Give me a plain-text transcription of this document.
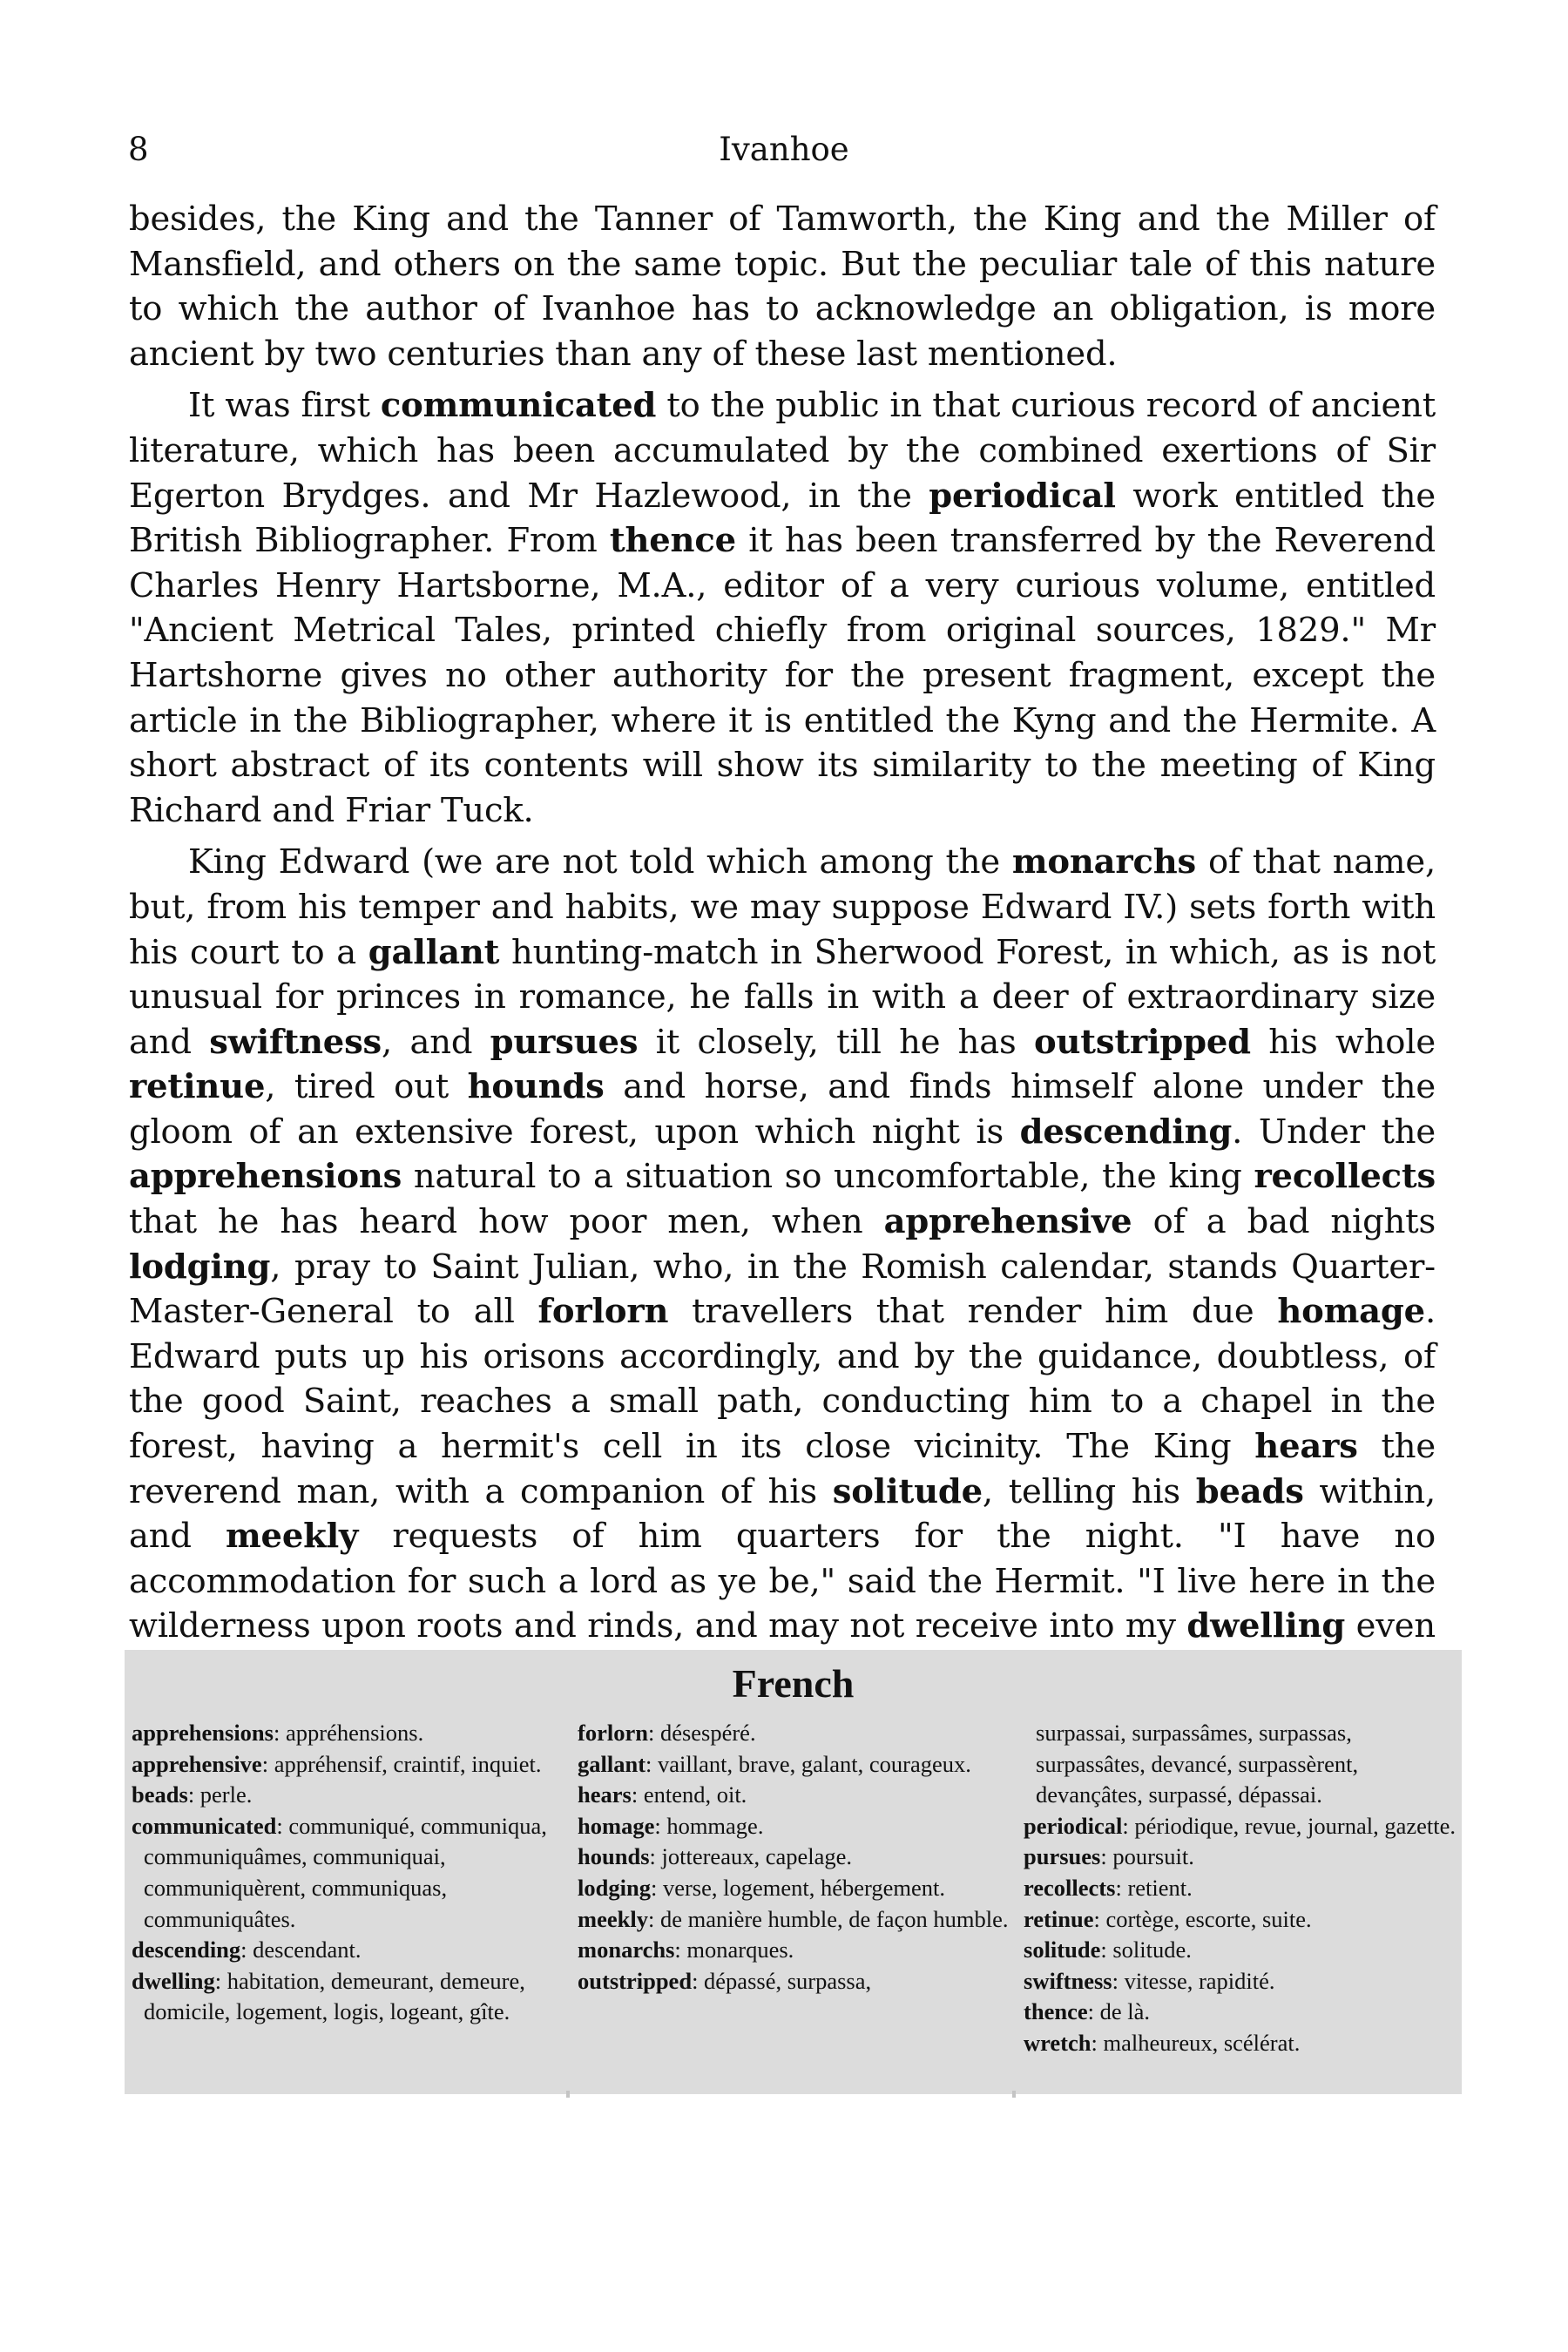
8	Ivanhoe

besides, the King and the Tanner of Tamworth, the King and the Miller of Mansfield, and others on the same topic. But the peculiar tale of this nature to which the author of Ivanhoe has to acknowledge an obligation, is more ancient by two centuries than any of these last mentioned.

It was first communicated to the public in that curious record of ancient literature, which has been accumulated by the combined exertions of Sir Egerton Brydges. and Mr Hazlewood, in the periodical work entitled the British Bibliographer. From thence it has been transferred by the Reverend Charles Henry Hartsborne, M.A., editor of a very curious volume, entitled "Ancient Metrical Tales, printed chiefly from original sources, 1829." Mr Hartshorne gives no other authority for the present fragment, except the article in the Bibliographer, where it is entitled the Kyng and the Hermite. A short abstract of its contents will show its similarity to the meeting of King Richard and Friar Tuck.

King Edward (we are not told which among the monarchs of that name, but, from his temper and habits, we may suppose Edward IV.) sets forth with his court to a gallant hunting-match in Sherwood Forest, in which, as is not unusual for princes in romance, he falls in with a deer of extraordinary size and swiftness, and pursues it closely, till he has outstripped his whole retinue, tired out hounds and horse, and finds himself alone under the gloom of an extensive forest, upon which night is descending. Under the apprehensions natural to a situation so uncomfortable, the king recollects that he has heard how poor men, when apprehensive of a bad nights lodging, pray to Saint Julian, who, in the Romish calendar, stands Quarter-Master-General to all forlorn travellers that render him due homage. Edward puts up his orisons accordingly, and by the guidance, doubtless, of the good Saint, reaches a small path, conducting him to a chapel in the forest, having a hermit's cell in its close vicinity. The King hears the reverend man, with a companion of his solitude, telling his beads within, and meekly requests of him quarters for the night. "I have no accommodation for such a lord as ye be," said the Hermit. "I live here in the wilderness upon roots and rinds, and may not receive into my dwelling even

French
apprehensions: appréhensions.
apprehensive: appréhensif, craintif, inquiet.
beads: perle.
communicated: communiqué, communiqua, communiquâmes, communiquai, communiquèrent, communiquas, communiquâtes.
descending: descendant.
dwelling: habitation, demeurant, demeure, domicile, logement, logis, logeant, gîte.
forlorn: désespéré.
gallant: vaillant, brave, galant, courageux.
hears: entend, oit.
homage: hommage.
hounds: jottereaux, capelage.
lodging: verse, logement, hébergement.
meekly: de manière humble, de façon humble.
monarchs: monarques.
outstripped: dépassé, surpassa,
surpassai, surpassâmes, surpassas, surpassâtes, devancé, surpassèrent, devançâtes, surpassé, dépassai.
periodical: périodique, revue, journal, gazette.
pursues: poursuit.
recollects: retient.
retinue: cortège, escorte, suite.
solitude: solitude.
swiftness: vitesse, rapidité.
thence: de là.
wretch: malheureux, scélérat.
